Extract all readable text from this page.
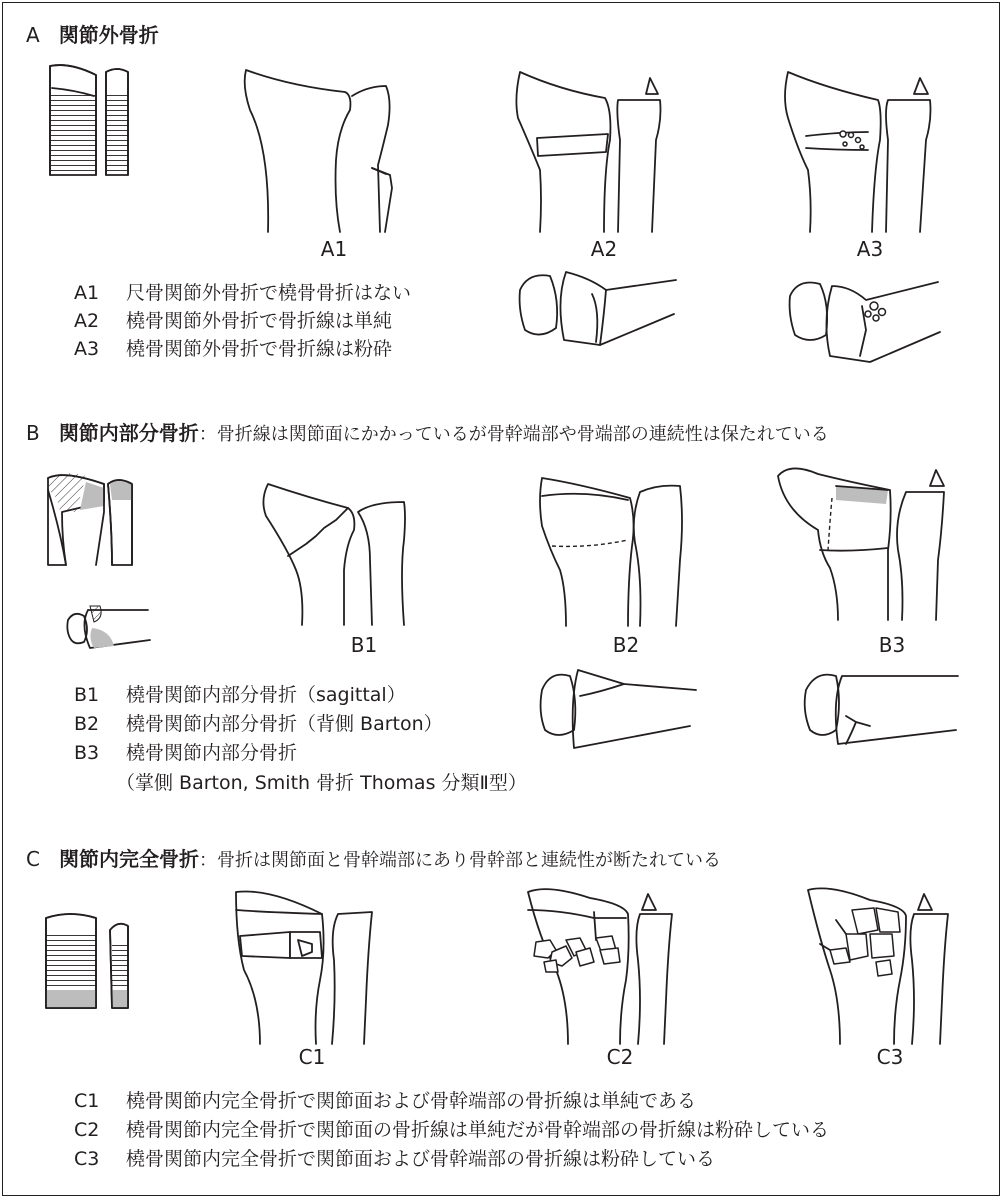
A 関節外骨折
A1	A2	A3
A1 尺骨関節外骨折で橈骨骨折はない
A2 橈骨関節外骨折で骨折線は単純
A3 橈骨関節外骨折で骨折線は粉砕
B 関節内部分骨折：骨折線は関節面にかかっているが骨幹端部や骨端部の連続性は保たれている
B1	B2	B3
B1 橈骨関節内部分骨折（sagittal）
B2 橈骨関節内部分骨折（背側 Barton）
B3 橈骨関節内部分骨折
（掌側 Barton, Smith 骨折 Thomas 分類Ⅱ型）
C 関節内完全骨折：骨折は関節面と骨幹端部にあり骨幹部と連続性が断たれている
C1	C2	C3
C1 橈骨関節内完全骨折で関節面および骨幹端部の骨折線は単純である
C2 橈骨関節内完全骨折で関節面の骨折線は単純だが骨幹端部の骨折線は粉砕している
C3 橈骨関節内完全骨折で関節面および骨幹端部の骨折線は粉砕している
